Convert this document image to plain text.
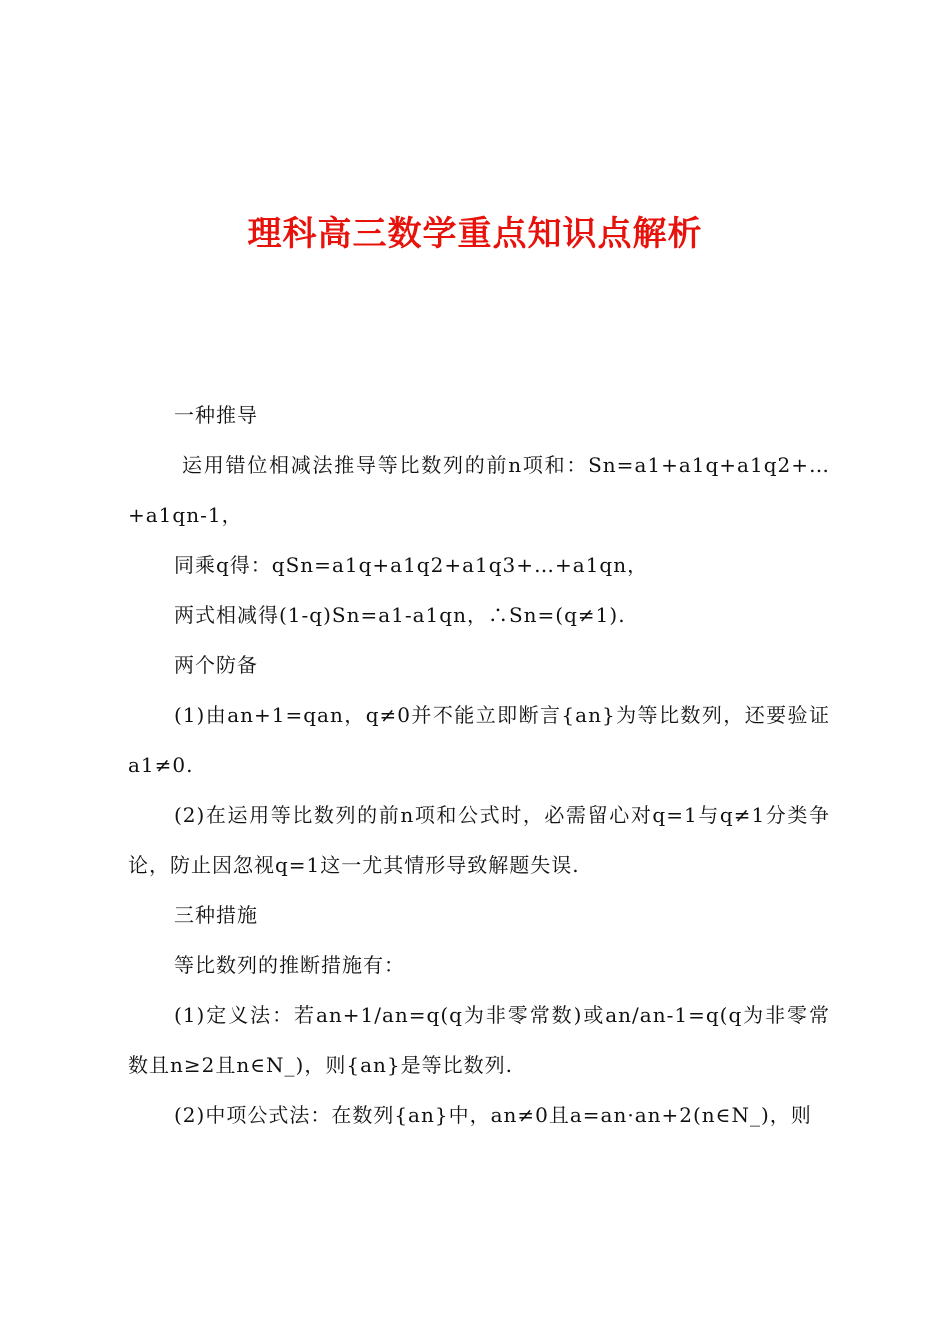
理科高三数学重点知识点解析

一种推导

运用错位相减法推导等比数列的前n项和：Sn=a1+a1q+a1q2+…+a1qn-1，

同乘q得：qSn=a1q+a1q2+a1q3+…+a1qn，

两式相减得(1-q)Sn=a1-a1qn，∴Sn=(q≠1).

两个防备

(1)由an+1=qan，q≠0并不能立即断言{an}为等比数列，还要验证a1≠0.

(2)在运用等比数列的前n项和公式时，必需留心对q=1与q≠1分类争论，防止因忽视q=1这一尤其情形导致解题失误.

三种措施

等比数列的推断措施有：

(1)定义法：若an+1/an=q(q为非零常数)或an/an-1=q(q为非零常数且n≥2且n∈N_)，则{an}是等比数列.

(2)中项公式法：在数列{an}中，an≠0且a=an·an+2(n∈N_)，则
